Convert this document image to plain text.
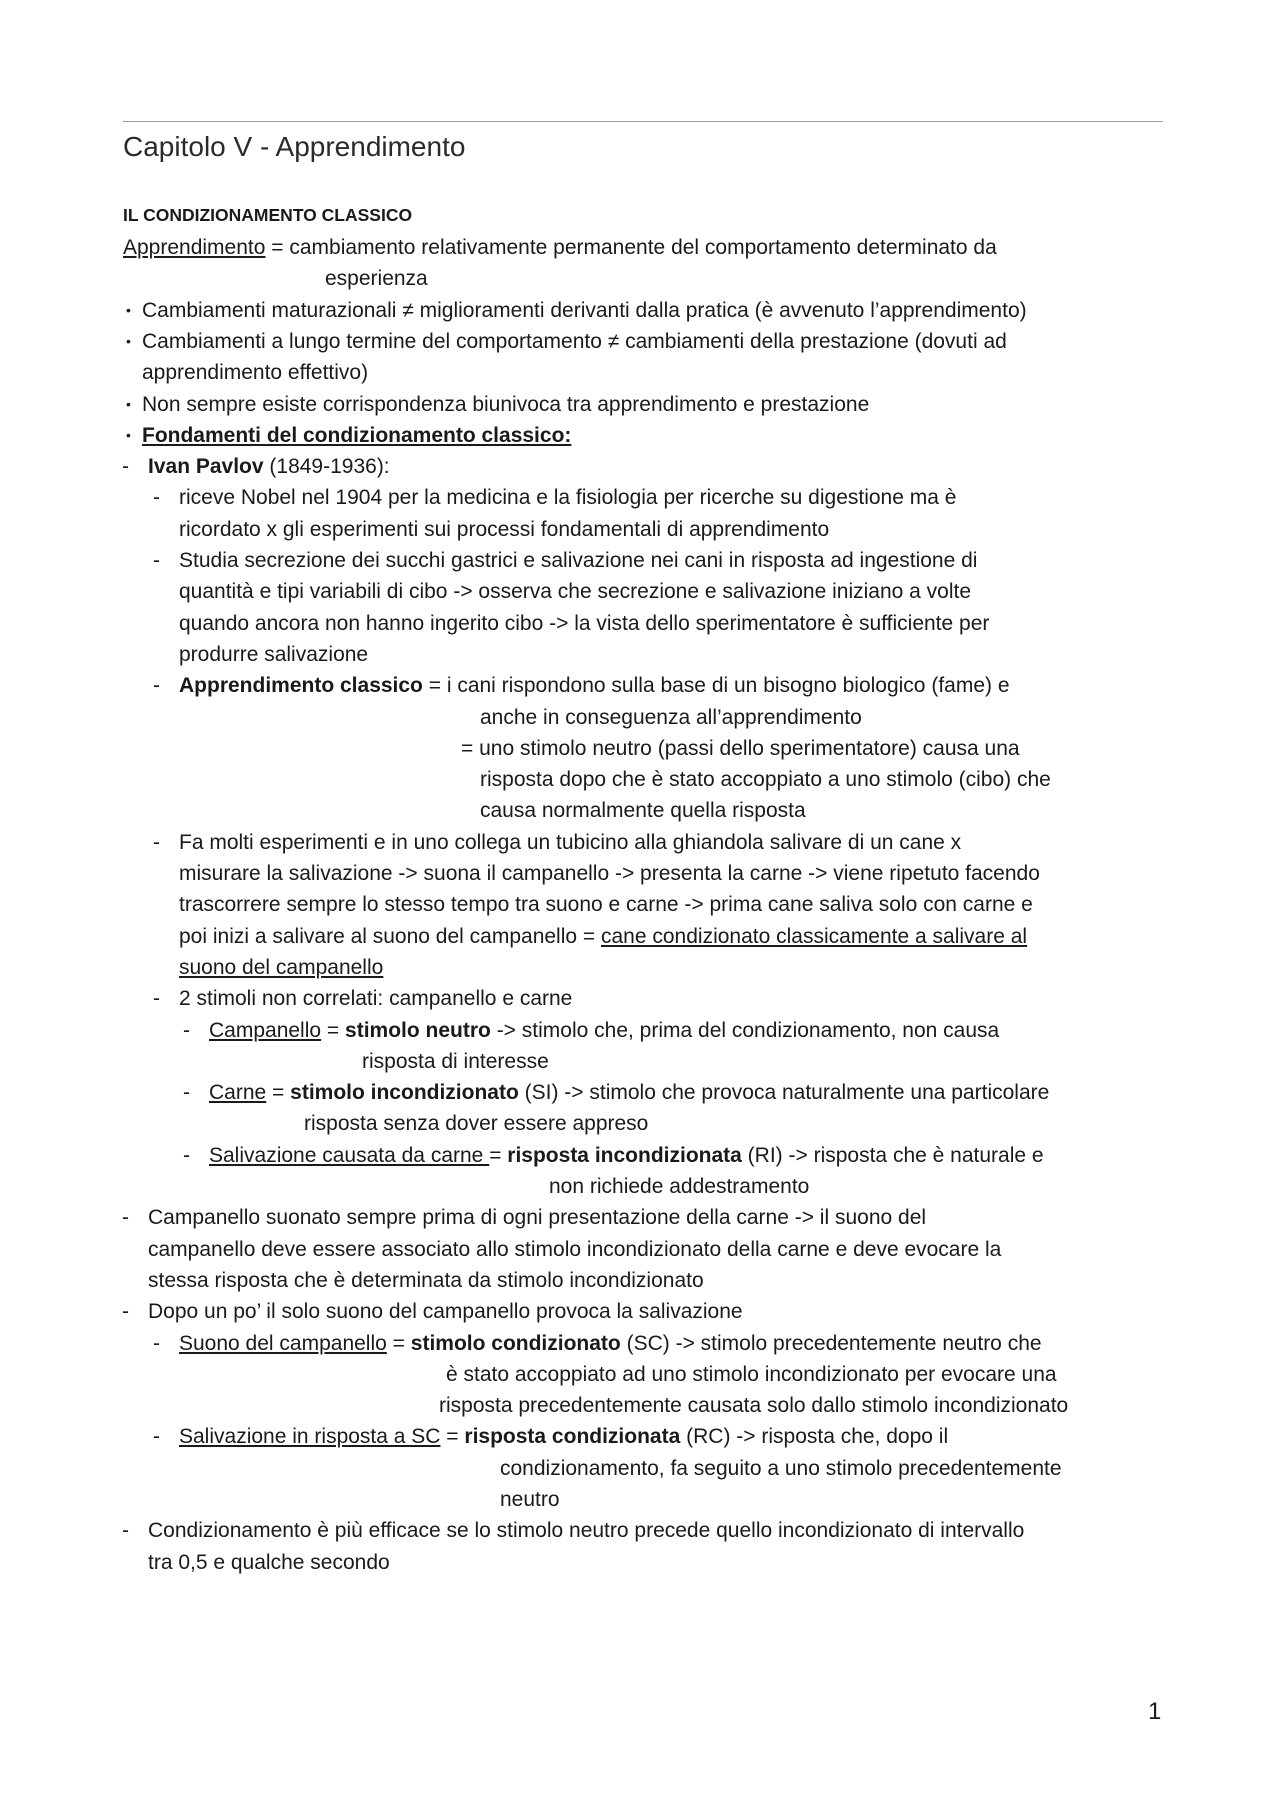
Capitolo V - Apprendimento
IL CONDIZIONAMENTO CLASSICO
Apprendimento = cambiamento relativamente permanente del comportamento determinato da
esperienza
• Cambiamenti maturazionali ≠ miglioramenti derivanti dalla pratica (è avvenuto l’apprendimento)
• Cambiamenti a lungo termine del comportamento ≠ cambiamenti della prestazione (dovuti ad
apprendimento effettivo)
• Non sempre esiste corrispondenza biunivoca tra apprendimento e prestazione
• Fondamenti del condizionamento classico:
- Ivan Pavlov (1849-1936):
- riceve Nobel nel 1904 per la medicina e la fisiologia per ricerche su digestione ma è
ricordato x gli esperimenti sui processi fondamentali di apprendimento
- Studia secrezione dei succhi gastrici e salivazione nei cani in risposta ad ingestione di
quantità e tipi variabili di cibo -> osserva che secrezione e salivazione iniziano a volte
quando ancora non hanno ingerito cibo -> la vista dello sperimentatore è sufficiente per
produrre salivazione
- Apprendimento classico = i cani rispondono sulla base di un bisogno biologico (fame) e
anche in conseguenza all’apprendimento
= uno stimolo neutro (passi dello sperimentatore) causa una
risposta dopo che è stato accoppiato a uno stimolo (cibo) che
causa normalmente quella risposta
- Fa molti esperimenti e in uno collega un tubicino alla ghiandola salivare di un cane x
misurare la salivazione -> suona il campanello -> presenta la carne -> viene ripetuto facendo
trascorrere sempre lo stesso tempo tra suono e carne -> prima cane saliva solo con carne e
poi inizi a salivare al suono del campanello = cane condizionato classicamente a salivare al
suono del campanello
- 2 stimoli non correlati: campanello e carne
- Campanello = stimolo neutro -> stimolo che, prima del condizionamento, non causa
risposta di interesse
- Carne = stimolo incondizionato (SI) -> stimolo che provoca naturalmente una particolare
risposta senza dover essere appreso
- Salivazione causata da carne = risposta incondizionata (RI) -> risposta che è naturale e
non richiede addestramento
- Campanello suonato sempre prima di ogni presentazione della carne -> il suono del
campanello deve essere associato allo stimolo incondizionato della carne e deve evocare la
stessa risposta che è determinata da stimolo incondizionato
- Dopo un po’ il solo suono del campanello provoca la salivazione
- Suono del campanello = stimolo condizionato (SC) -> stimolo precedentemente neutro che
è stato accoppiato ad uno stimolo incondizionato per evocare una
risposta precedentemente causata solo dallo stimolo incondizionato
- Salivazione in risposta a SC = risposta condizionata (RC) -> risposta che, dopo il
condizionamento, fa seguito a uno stimolo precedentemente
neutro
- Condizionamento è più efficace se lo stimolo neutro precede quello incondizionato di intervallo
tra 0,5 e qualche secondo
1
